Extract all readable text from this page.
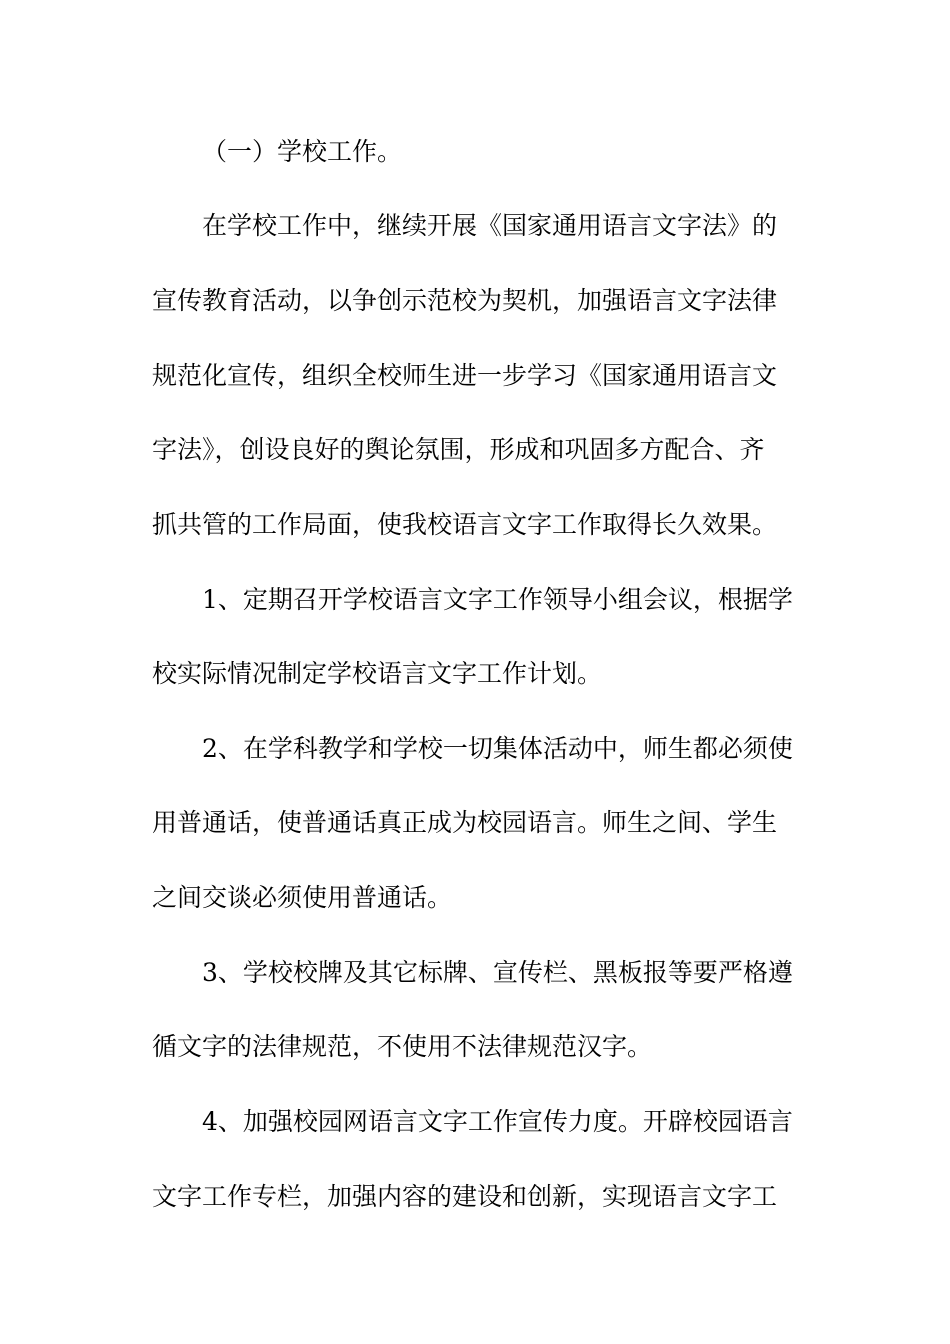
（一）学校工作。
在学校工作中，继续开展《国家通用语言文字法》的
宣传教育活动，以争创示范校为契机，加强语言文字法律
规范化宣传，组织全校师生进一步学习《国家通用语言文
字法》，创设良好的舆论氛围，形成和巩固多方配合、齐
抓共管的工作局面，使我校语言文字工作取得长久效果。
1、定期召开学校语言文字工作领导小组会议，根据学
校实际情况制定学校语言文字工作计划。
2、在学科教学和学校一切集体活动中，师生都必须使
用普通话，使普通话真正成为校园语言。师生之间、学生
之间交谈必须使用普通话。
3、学校校牌及其它标牌、宣传栏、黑板报等要严格遵
循文字的法律规范，不使用不法律规范汉字。
4、加强校园网语言文字工作宣传力度。开辟校园语言
文字工作专栏，加强内容的建设和创新，实现语言文字工
